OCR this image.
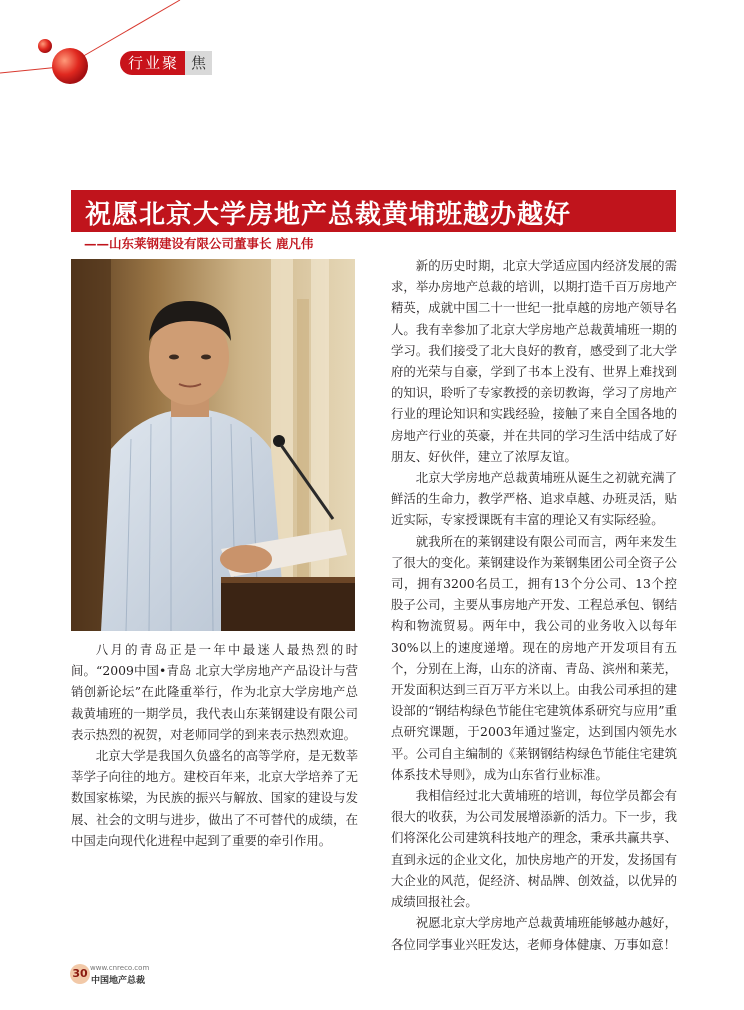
行业聚 焦
祝愿北京大学房地产总裁黄埔班越办越好
——山东莱钢建设有限公司董事长 鹿凡伟

八月的青岛正是一年中最迷人最热烈的时间。“2009中国•青岛 北京大学房地产产品设计与营销创新论坛”在此隆重举行，作为北京大学房地产总裁黄埔班的一期学员，我代表山东莱钢建设有限公司表示热烈的祝贺，对老师同学的到来表示热烈欢迎。

北京大学是我国久负盛名的高等学府，是无数莘莘学子向往的地方。建校百年来，北京大学培养了无数国家栋梁，为民族的振兴与解放、国家的建设与发展、社会的文明与进步，做出了不可替代的成绩，在中国走向现代化进程中起到了重要的牵引作用。

新的历史时期，北京大学适应国内经济发展的需求，举办房地产总裁的培训，以期打造千百万房地产精英，成就中国二十一世纪一批卓越的房地产领导名人。我有幸参加了北京大学房地产总裁黄埔班一期的学习。我们接受了北大良好的教育，感受到了北大学府的光荣与自豪，学到了书本上没有、世界上难找到的知识，聆听了专家教授的亲切教诲，学习了房地产行业的理论知识和实践经验，接触了来自全国各地的房地产行业的英豪，并在共同的学习生活中结成了好朋友、好伙伴，建立了浓厚友谊。

北京大学房地产总裁黄埔班从诞生之初就充满了鲜活的生命力，教学严格、追求卓越、办班灵活，贴近实际，专家授课既有丰富的理论又有实际经验。

就我所在的莱钢建设有限公司而言，两年来发生了很大的变化。莱钢建设作为莱钢集团公司全资子公司，拥有3200名员工，拥有13个分公司、13个控股子公司，主要从事房地产开发、工程总承包、钢结构和物流贸易。两年中，我公司的业务收入以每年30%以上的速度递增。现在的房地产开发项目有五个，分别在上海，山东的济南、青岛、滨州和莱芜，开发面积达到三百万平方米以上。由我公司承担的建设部的“钢结构绿色节能住宅建筑体系研究与应用”重点研究课题，于2003年通过鉴定，达到国内领先水平。公司自主编制的《莱钢钢结构绿色节能住宅建筑体系技术导则》，成为山东省行业标准。

我相信经过北大黄埔班的培训，每位学员都会有很大的收获，为公司发展增添新的活力。下一步，我们将深化公司建筑科技地产的理念，秉承共赢共享、直到永远的企业文化，加快房地产的开发，发扬国有大企业的风范，促经济、树品牌、创效益，以优异的成绩回报社会。

祝愿北京大学房地产总裁黄埔班能够越办越好，各位同学事业兴旺发达，老师身体健康、万事如意！

30 www.cnreco.com
中国地产总裁
